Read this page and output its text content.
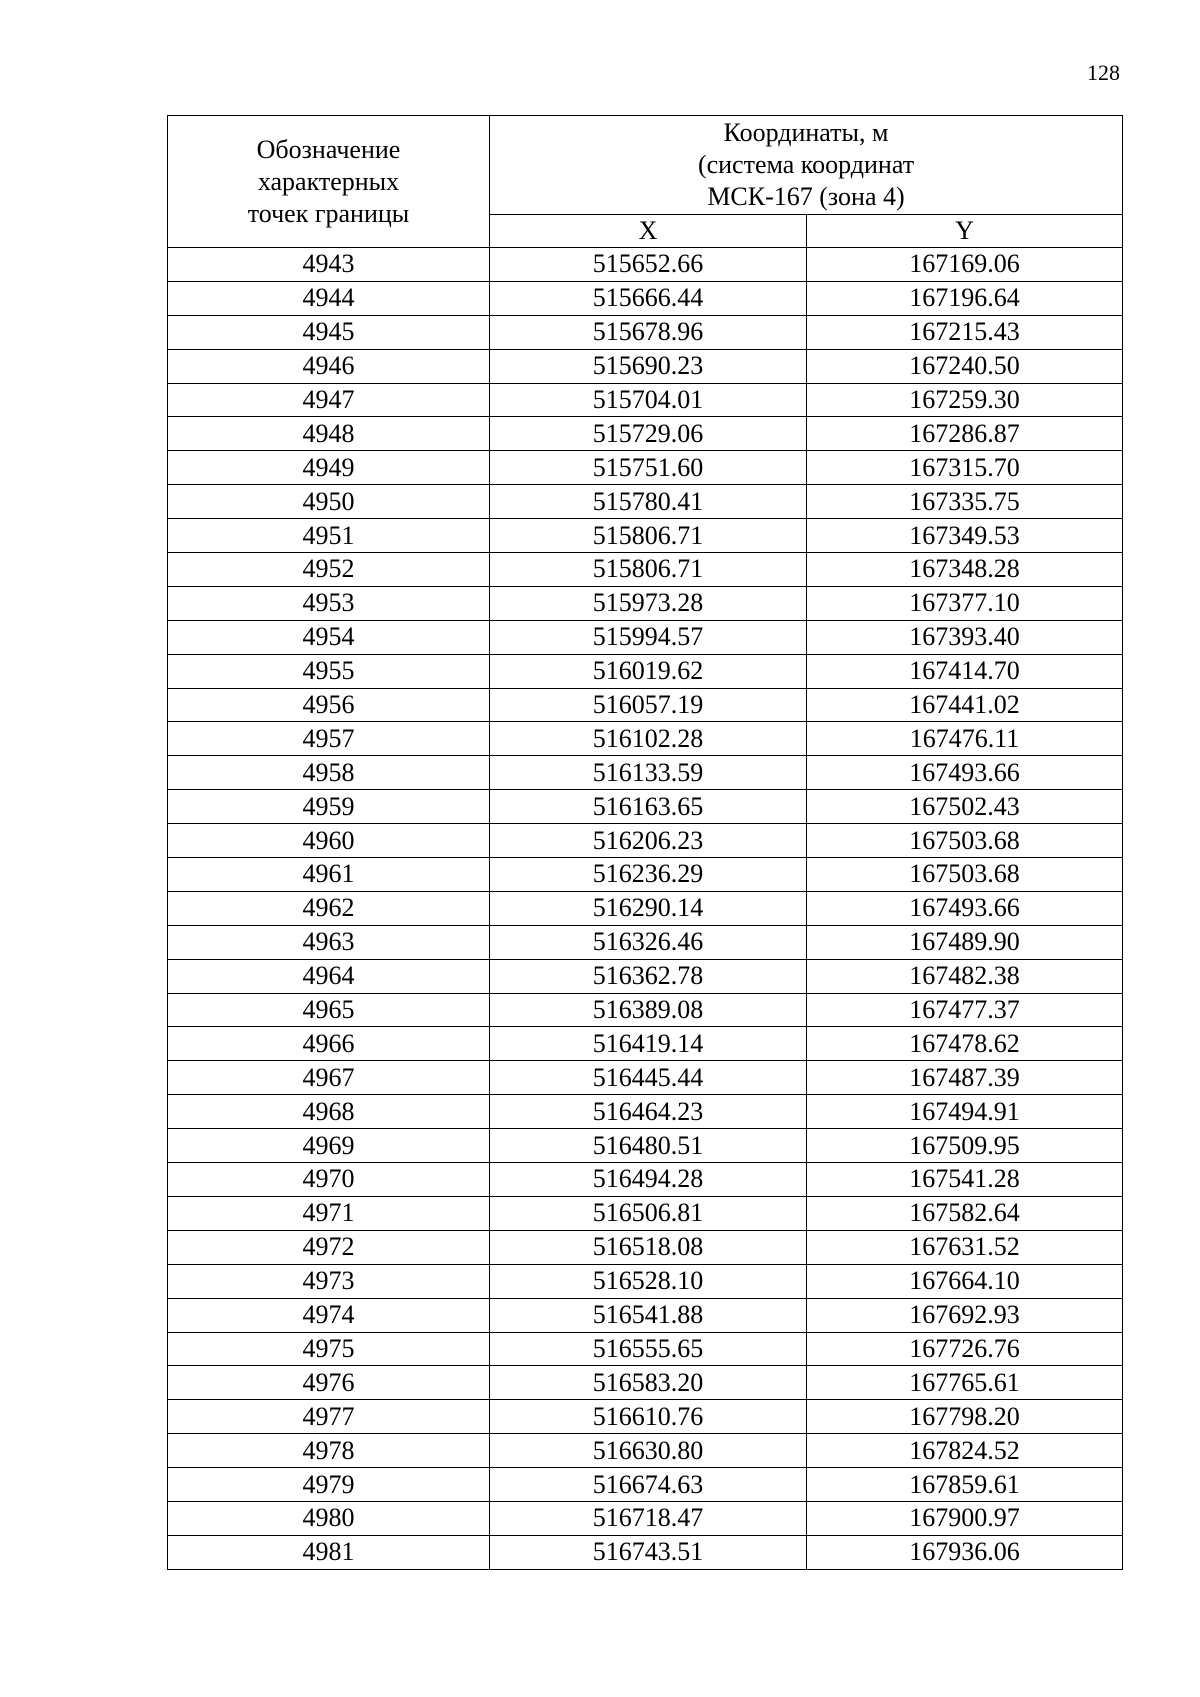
128
Обозначение
характерных
точек границы	Координаты, м
(система координат
МСК-167 (зона 4)	

	X	Y
4943	515652.66	167169.06
4944	515666.44	167196.64
4945	515678.96	167215.43
4946	515690.23	167240.50
4947	515704.01	167259.30
4948	515729.06	167286.87
4949	515751.60	167315.70
4950	515780.41	167335.75
4951	515806.71	167349.53
4952	515806.71	167348.28
4953	515973.28	167377.10
4954	515994.57	167393.40
4955	516019.62	167414.70
4956	516057.19	167441.02
4957	516102.28	167476.11
4958	516133.59	167493.66
4959	516163.65	167502.43
4960	516206.23	167503.68
4961	516236.29	167503.68
4962	516290.14	167493.66
4963	516326.46	167489.90
4964	516362.78	167482.38
4965	516389.08	167477.37
4966	516419.14	167478.62
4967	516445.44	167487.39
4968	516464.23	167494.91
4969	516480.51	167509.95
4970	516494.28	167541.28
4971	516506.81	167582.64
4972	516518.08	167631.52
4973	516528.10	167664.10
4974	516541.88	167692.93
4975	516555.65	167726.76
4976	516583.20	167765.61
4977	516610.76	167798.20
4978	516630.80	167824.52
4979	516674.63	167859.61
4980	516718.47	167900.97
4981	516743.51	167936.06
